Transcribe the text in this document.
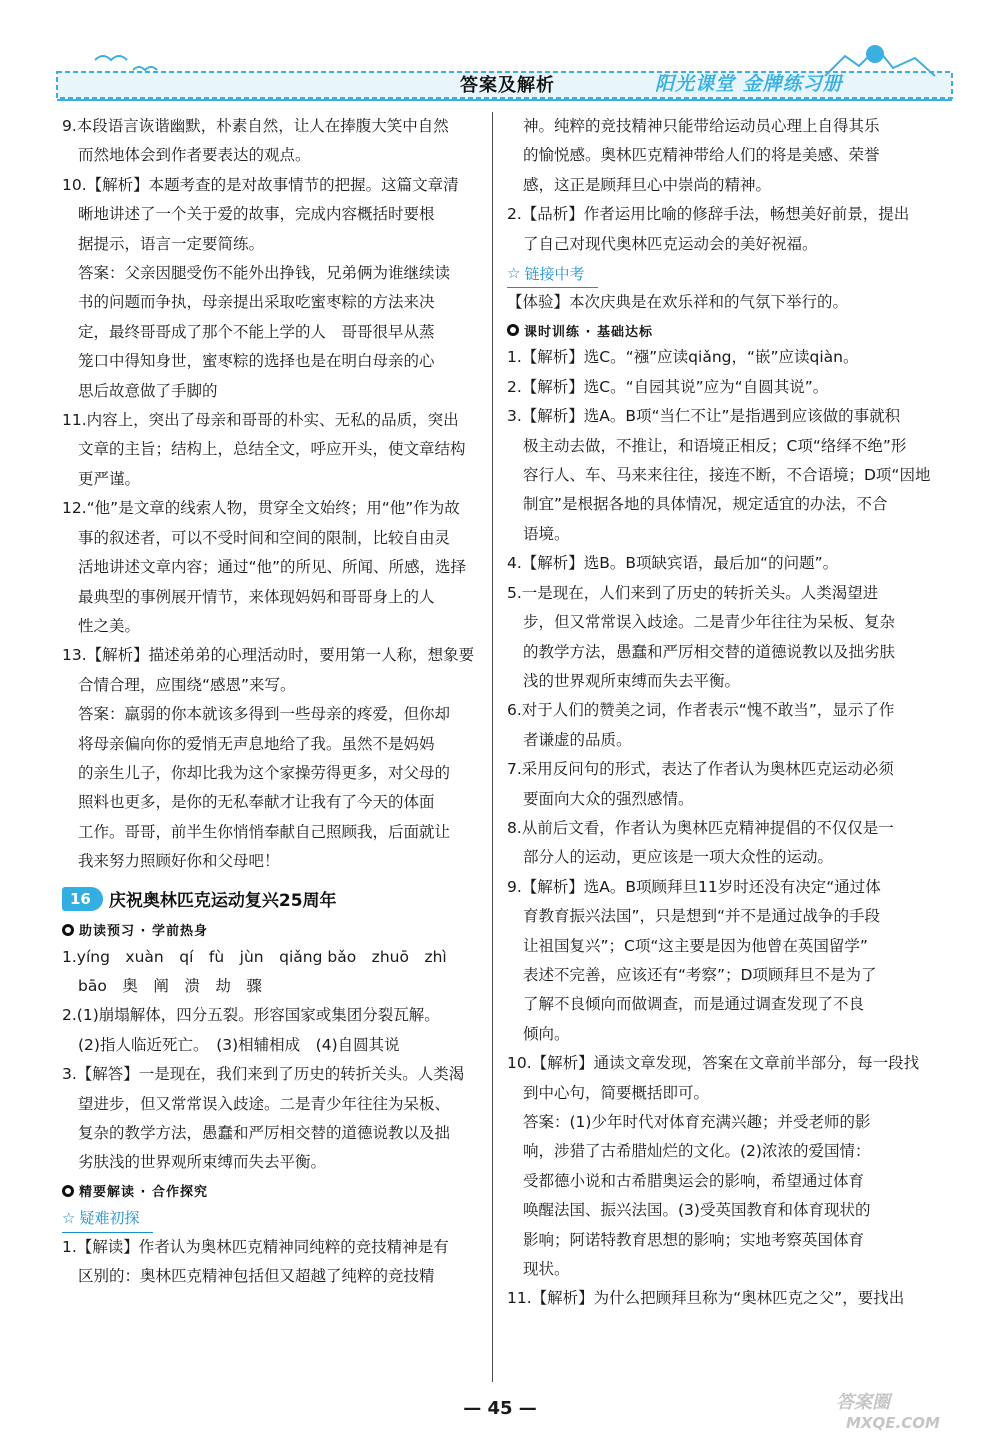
答案及解析	阳光课堂 金牌练习册

9.本段语言诙谐幽默，朴素自然，让人在捧腹大笑中自然

而然地体会到作者要表达的观点。

10.【解析】本题考查的是对故事情节的把握。这篇文章清

晰地讲述了一个关于爱的故事，完成内容概括时要根

据提示，语言一定要简练。

答案：父亲因腿受伤不能外出挣钱，兄弟俩为谁继续读

书的问题而争执，母亲提出采取吃蜜枣粽的方法来决

定，最终哥哥成了那个不能上学的人　哥哥很早从蒸

笼口中得知身世，蜜枣粽的选择也是在明白母亲的心

思后故意做了手脚的

11.内容上，突出了母亲和哥哥的朴实、无私的品质，突出

文章的主旨；结构上，总结全文，呼应开头，使文章结构

更严谨。

12.“他”是文章的线索人物，贯穿全文始终；用“他”作为故

事的叙述者，可以不受时间和空间的限制，比较自由灵

活地讲述文章内容；通过“他”的所见、所闻、所感，选择

最典型的事例展开情节，来体现妈妈和哥哥身上的人

性之美。

13.【解析】描述弟弟的心理活动时，要用第一人称，想象要

合情合理，应围绕“感恩”来写。

答案：羸弱的你本就该多得到一些母亲的疼爱，但你却

将母亲偏向你的爱悄无声息地给了我。虽然不是妈妈

的亲生儿子，你却比我为这个家操劳得更多，对父母的

照料也更多，是你的无私奉献才让我有了今天的体面

工作。哥哥，前半生你悄悄奉献自己照顾我，后面就让

我来努力照顾好你和父母吧！

16	庆祝奥林匹克运动复兴25周年
助读预习 · 学前热身

1.yíng　xuàn　qí　fù　jùn　qiǎng bǎo　zhuō　zhì

bāo　奥　阐　溃　劫　骤

2.(1)崩塌解体，四分五裂。形容国家或集团分裂瓦解。

(2)指人临近死亡。　(3)相辅相成　(4)自圆其说

3.【解答】一是现在，我们来到了历史的转折关头。人类渴

望进步，但又常常误入歧途。二是青少年往往为呆板、

复杂的教学方法，愚蠢和严厉相交替的道德说教以及拙

劣肤浅的世界观所束缚而失去平衡。

精要解读 · 合作探究
☆ 疑难初探

1.【解读】作者认为奥林匹克精神同纯粹的竞技精神是有

区别的：奥林匹克精神包括但又超越了纯粹的竞技精

神。纯粹的竞技精神只能带给运动员心理上自得其乐

的愉悦感。奥林匹克精神带给人们的将是美感、荣誉

感，这正是顾拜旦心中崇尚的精神。

2.【品析】作者运用比喻的修辞手法，畅想美好前景，提出

了自己对现代奥林匹克运动会的美好祝福。

☆ 链接中考

【体验】本次庆典是在欢乐祥和的气氛下举行的。

课时训练 · 基础达标

1.【解析】选C。“襁”应读qiǎng，“嵌”应读qiàn。

2.【解析】选C。“自园其说”应为“自圆其说”。

3.【解析】选A。B项“当仁不让”是指遇到应该做的事就积

极主动去做，不推让，和语境正相反；C项“络绎不绝”形

容行人、车、马来来往往，接连不断，不合语境；D项“因地

制宜”是根据各地的具体情况，规定适宜的办法，不合

语境。

4.【解析】选B。B项缺宾语，最后加“的问题”。

5.一是现在，人们来到了历史的转折关头。人类渴望进

步，但又常常误入歧途。二是青少年往往为呆板、复杂

的教学方法，愚蠢和严厉相交替的道德说教以及拙劣肤

浅的世界观所束缚而失去平衡。

6.对于人们的赞美之词，作者表示“愧不敢当”，显示了作

者谦虚的品质。

7.采用反问句的形式，表达了作者认为奥林匹克运动必须

要面向大众的强烈感情。

8.从前后文看，作者认为奥林匹克精神提倡的不仅仅是一

部分人的运动，更应该是一项大众性的运动。

9.【解析】选A。B项顾拜旦11岁时还没有决定“通过体

育教育振兴法国”，只是想到“并不是通过战争的手段

让祖国复兴”；C项“这主要是因为他曾在英国留学”

表述不完善，应该还有“考察”；D项顾拜旦不是为了

了解不良倾向而做调查，而是通过调查发现了不良

倾向。

10.【解析】通读文章发现，答案在文章前半部分，每一段找

到中心句，简要概括即可。

答案：(1)少年时代对体育充满兴趣；并受老师的影

响，涉猎了古希腊灿烂的文化。(2)浓浓的爱国情：

受都德小说和古希腊奥运会的影响，希望通过体育

唤醒法国、振兴法国。(3)受英国教育和体育现状的

影响；阿诺特教育思想的影响；实地考察英国体育

现状。

11.【解析】为什么把顾拜旦称为“奥林匹克之父”，要找出

— 45 —	答案圈
MXQE.COM
